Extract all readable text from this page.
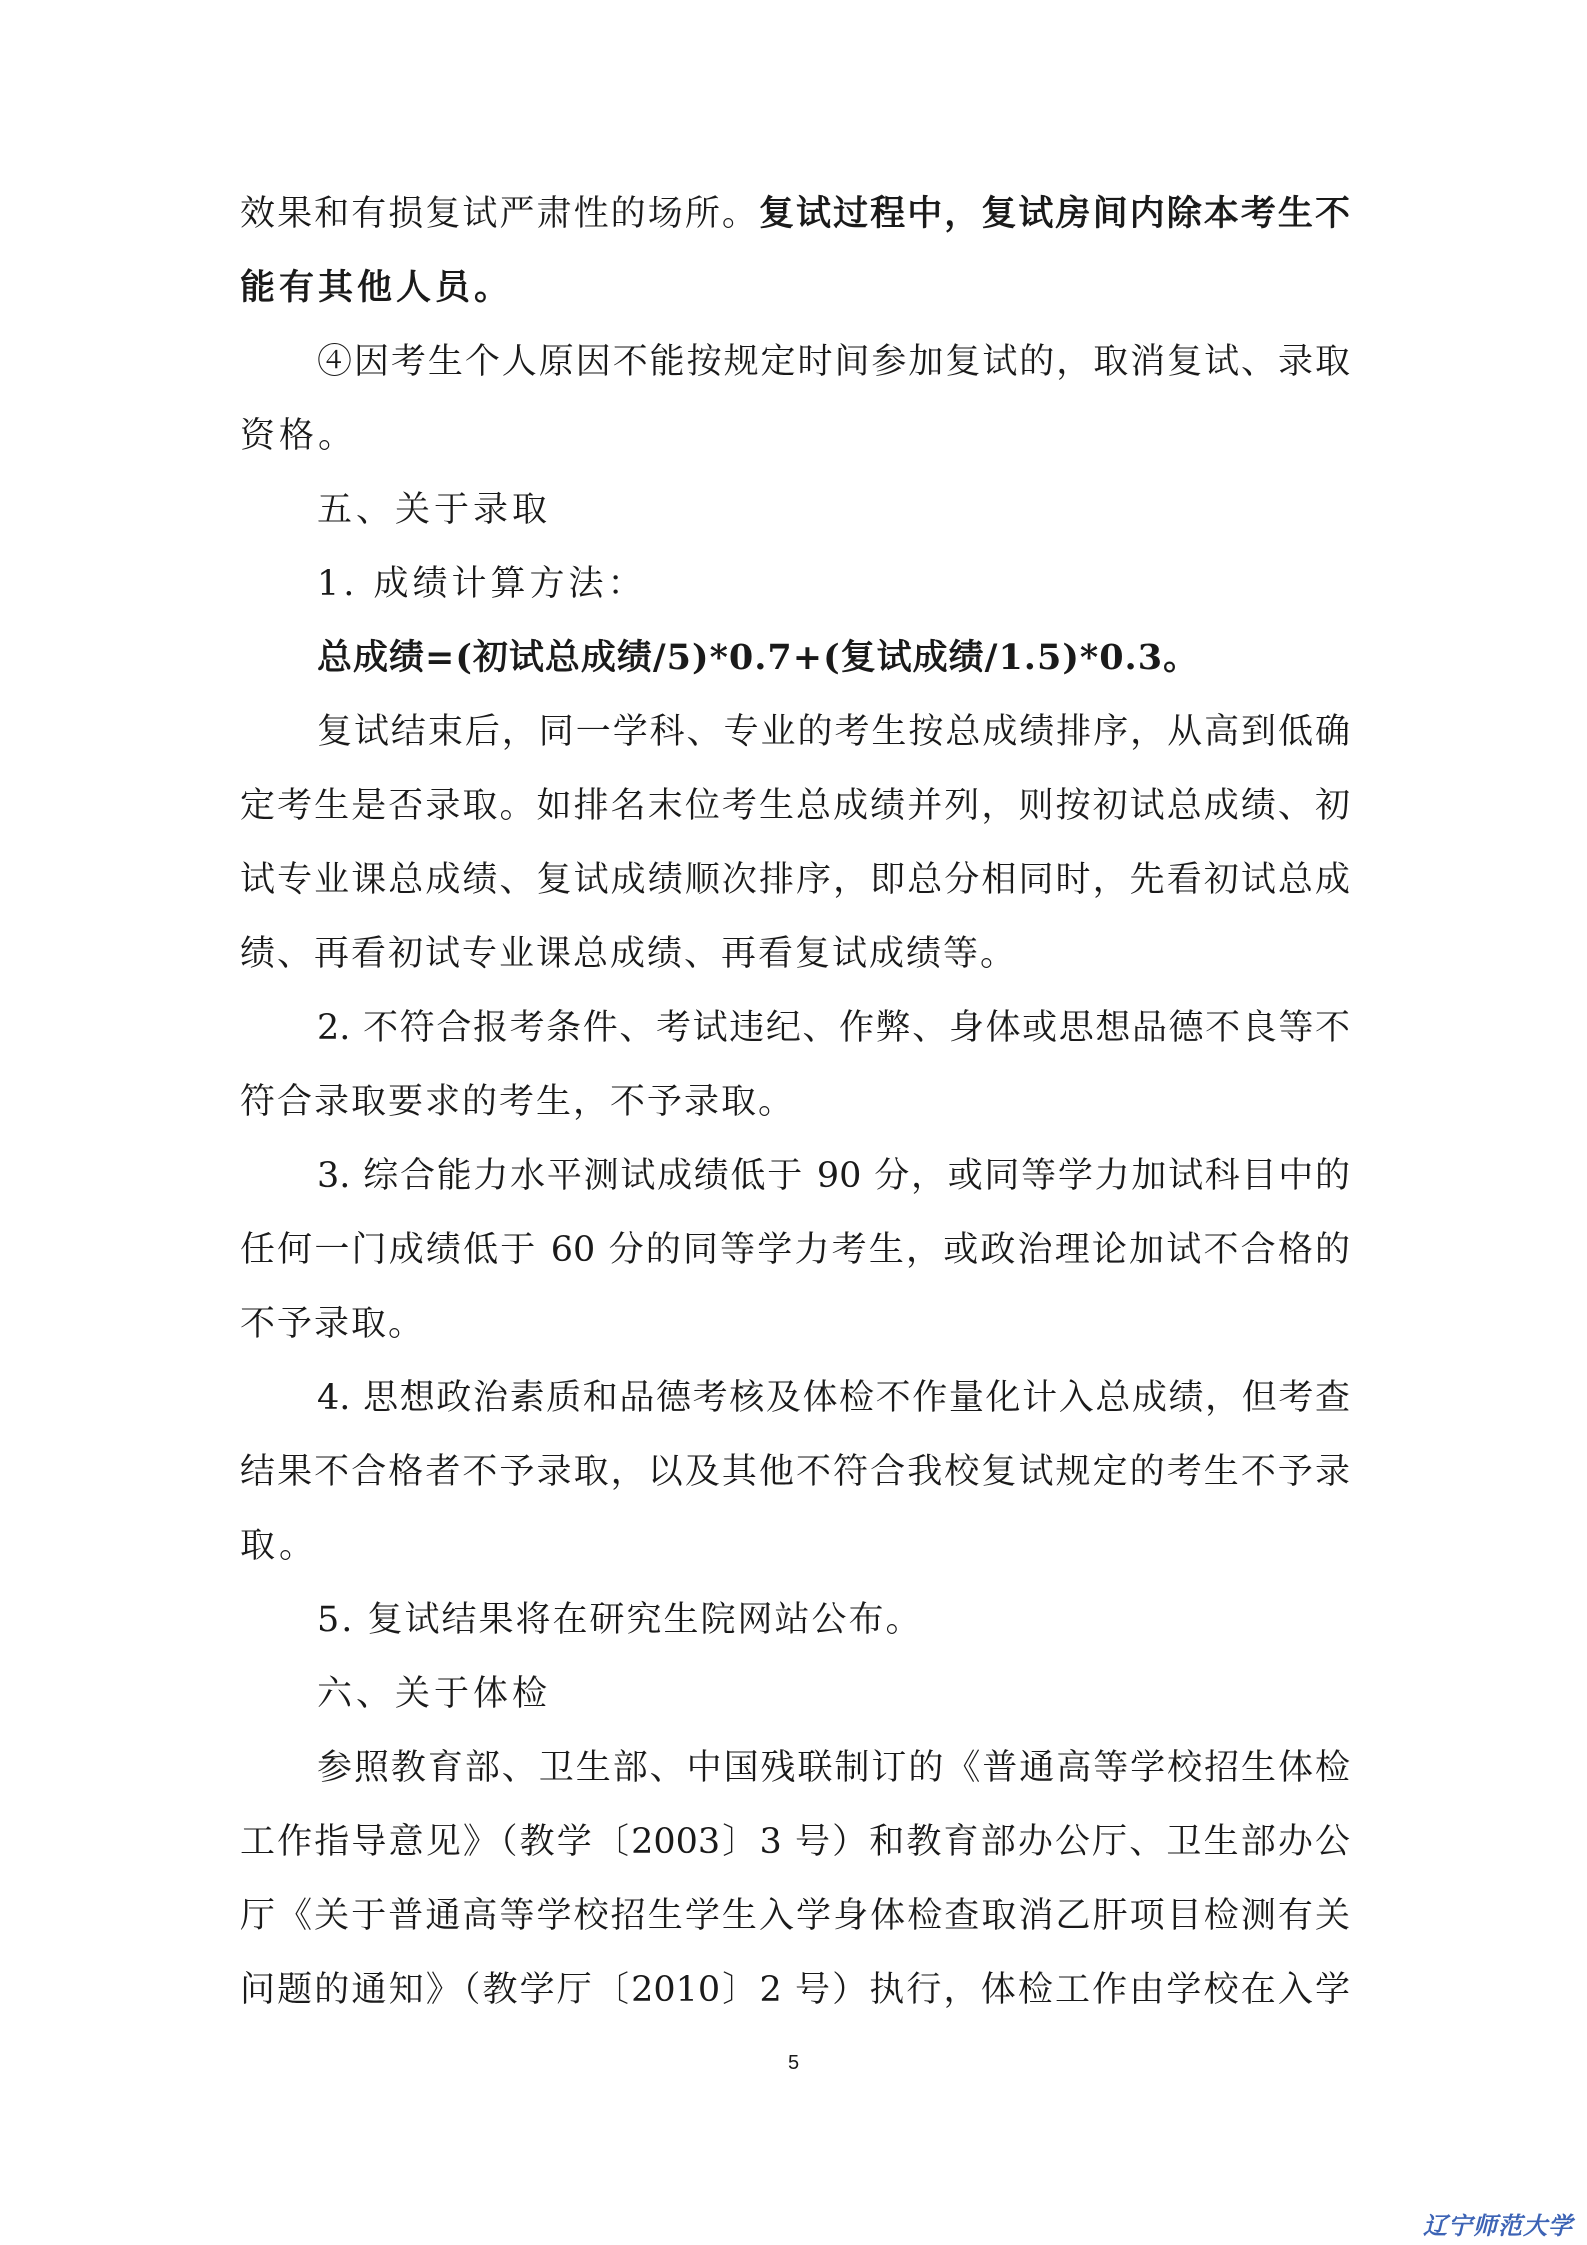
效果和有损复试严肃性的场所。复试过程中，复试房间内除本考生不
能有其他人员。
④因考生个人原因不能按规定时间参加复试的，取消复试、录取
资格。
五、关于录取
1. 成绩计算方法：
总成绩=(初试总成绩/5)*0.7+(复试成绩/1.5)*0.3。
复试结束后，同一学科、专业的考生按总成绩排序，从高到低确
定考生是否录取。如排名末位考生总成绩并列，则按初试总成绩、初
试专业课总成绩、复试成绩顺次排序，即总分相同时，先看初试总成
绩、再看初试专业课总成绩、再看复试成绩等。
2. 不符合报考条件、考试违纪、作弊、身体或思想品德不良等不
符合录取要求的考生，不予录取。
3. 综合能力水平测试成绩低于 90 分，或同等学力加试科目中的
任何一门成绩低于 60 分的同等学力考生，或政治理论加试不合格的
不予录取。
4. 思想政治素质和品德考核及体检不作量化计入总成绩，但考查
结果不合格者不予录取，以及其他不符合我校复试规定的考生不予录
取。
5. 复试结果将在研究生院网站公布。
六、关于体检
参照教育部、卫生部、中国残联制订的《普通高等学校招生体检
工作指导意见》（教学〔2003〕3 号）和教育部办公厅、卫生部办公
厅《关于普通高等学校招生学生入学身体检查取消乙肝项目检测有关
问题的通知》（教学厅〔2010〕2 号）执行，体检工作由学校在入学
5
辽宁师范大学
